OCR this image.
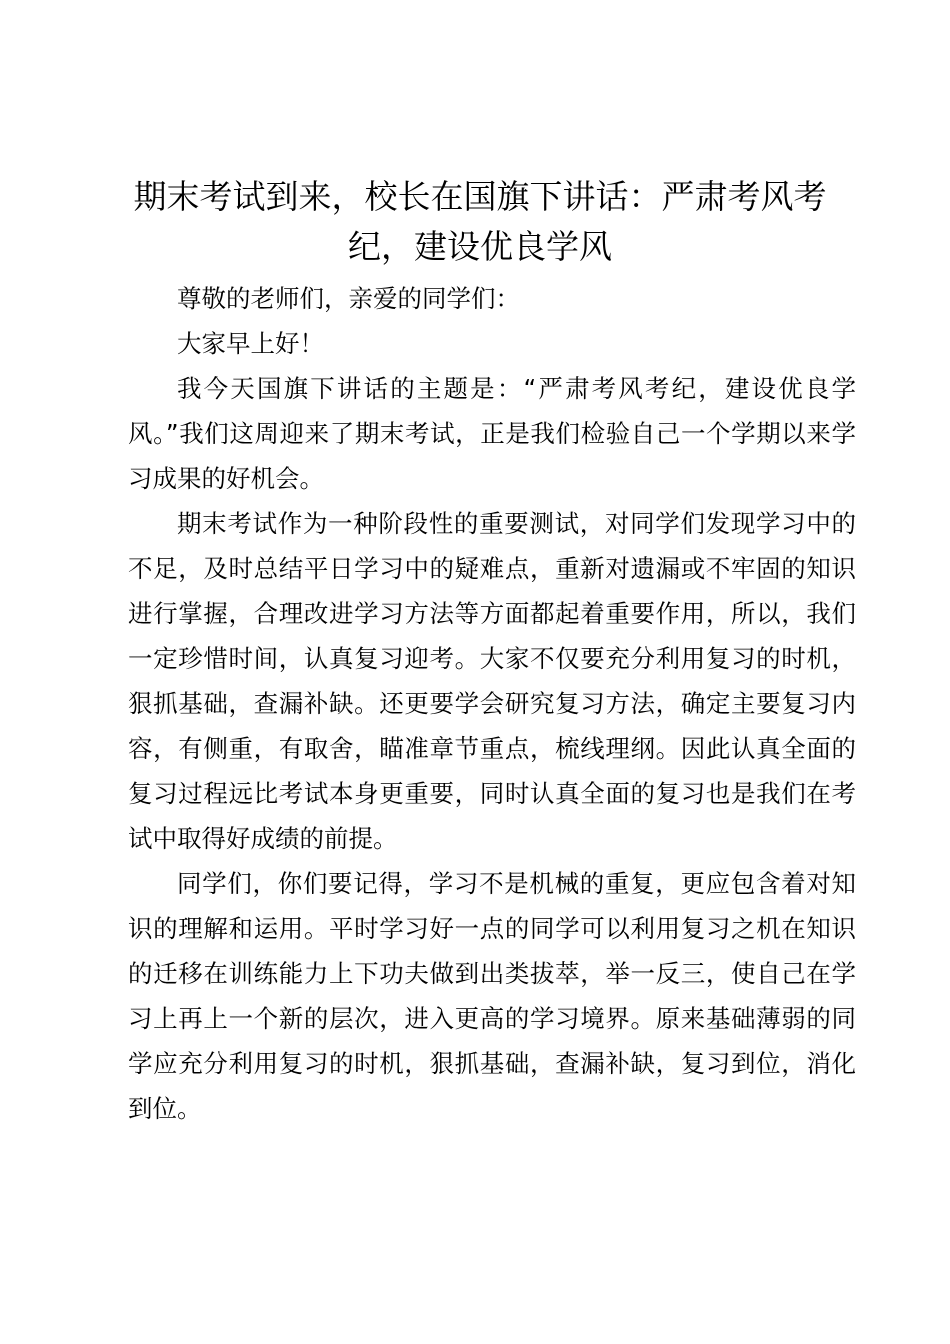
期末考试到来，校长在国旗下讲话：严肃考风考纪，建设优良学风

尊敬的老师们，亲爱的同学们：

大家早上好！

我今天国旗下讲话的主题是：“严肃考风考纪，建设优良学风。”我们这周迎来了期末考试，正是我们检验自己一个学期以来学习成果的好机会。

期末考试作为一种阶段性的重要测试，对同学们发现学习中的不足，及时总结平日学习中的疑难点，重新对遗漏或不牢固的知识进行掌握，合理改进学习方法等方面都起着重要作用，所以，我们一定珍惜时间，认真复习迎考。大家不仅要充分利用复习的时机，狠抓基础，查漏补缺。还更要学会研究复习方法，确定主要复习内容，有侧重，有取舍，瞄准章节重点，梳线理纲。因此认真全面的复习过程远比考试本身更重要，同时认真全面的复习也是我们在考试中取得好成绩的前提。

同学们，你们要记得，学习不是机械的重复，更应包含着对知识的理解和运用。平时学习好一点的同学可以利用复习之机在知识的迁移在训练能力上下功夫做到出类拔萃，举一反三，使自己在学习上再上一个新的层次，进入更高的学习境界。原来基础薄弱的同学应充分利用复习的时机，狠抓基础，查漏补缺，复习到位，消化到位。
